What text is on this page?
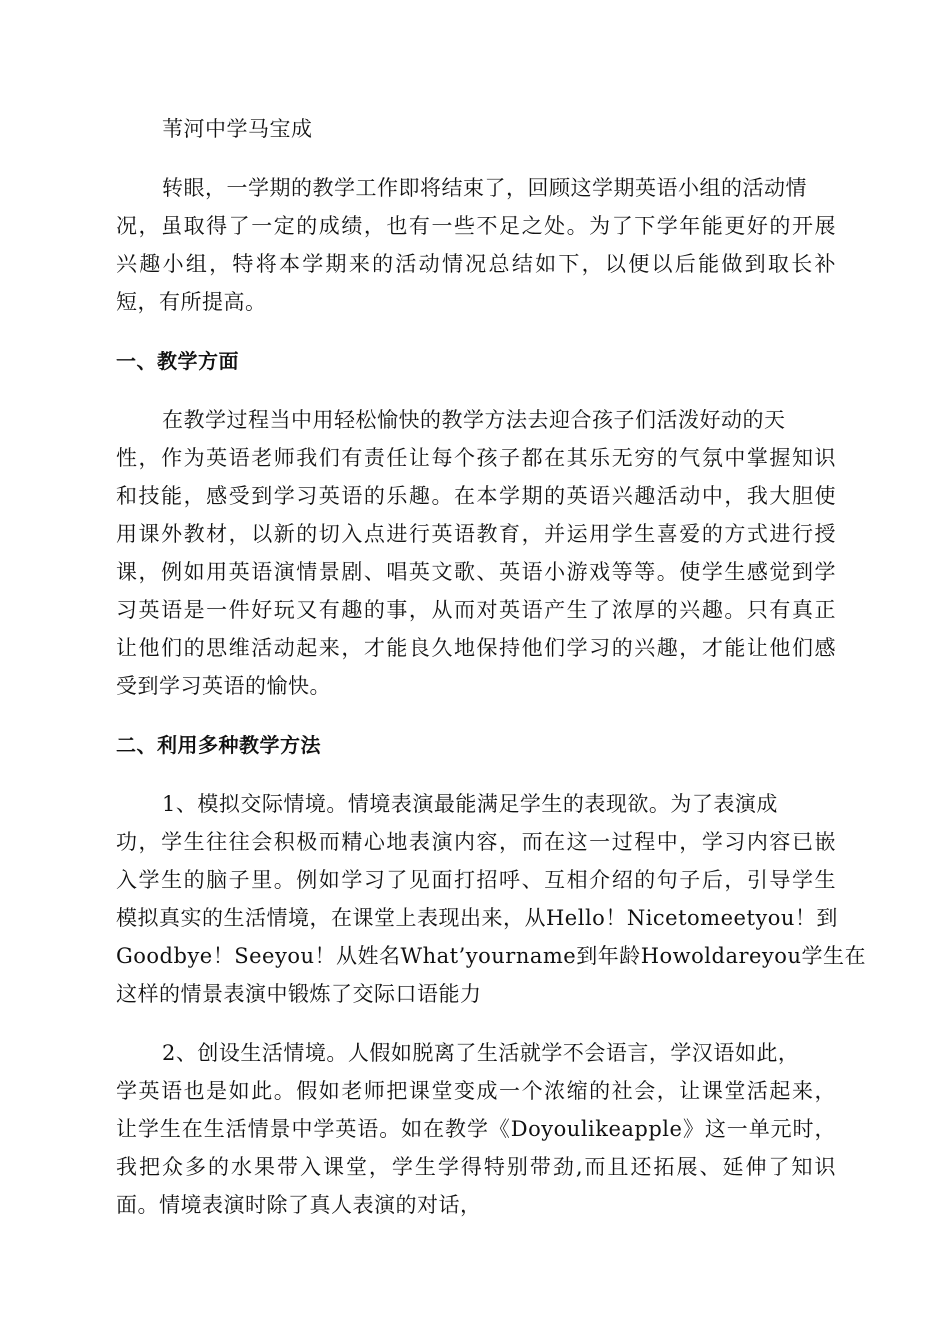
苇河中学马宝成
转眼，一学期的教学工作即将结束了，回顾这学期英语小组的活动情
况，虽取得了一定的成绩，也有一些不足之处。为了下学年能更好的开展
兴趣小组，特将本学期来的活动情况总结如下，以便以后能做到取长补
短，有所提高。
一、教学方面
在教学过程当中用轻松愉快的教学方法去迎合孩子们活泼好动的天
性，作为英语老师我们有责任让每个孩子都在其乐无穷的气氛中掌握知识
和技能，感受到学习英语的乐趣。在本学期的英语兴趣活动中，我大胆使
用课外教材，以新的切入点进行英语教育，并运用学生喜爱的方式进行授
课，例如用英语演情景剧、唱英文歌、英语小游戏等等。使学生感觉到学
习英语是一件好玩又有趣的事，从而对英语产生了浓厚的兴趣。只有真正
让他们的思维活动起来，才能良久地保持他们学习的兴趣，才能让他们感
受到学习英语的愉快。
二、利用多种教学方法
1、模拟交际情境。情境表演最能满足学生的表现欲。为了表演成
功，学生往往会积极而精心地表演内容，而在这一过程中，学习内容已嵌
入学生的脑子里。例如学习了见面打招呼、互相介绍的句子后，引导学生
模拟真实的生活情境，在课堂上表现出来，从Hello！Nicetomeetyou！到
Goodbye！Seeyou！从姓名What’yourname到年龄Howoldareyou学生在
这样的情景表演中锻炼了交际口语能力
2、创设生活情境。人假如脱离了生活就学不会语言，学汉语如此，
学英语也是如此。假如老师把课堂变成一个浓缩的社会，让课堂活起来，
让学生在生活情景中学英语。如在教学《Doyoulikeapple》这一单元时，
我把众多的水果带入课堂，学生学得特别带劲,而且还拓展、延伸了知识
面。情境表演时除了真人表演的对话，
